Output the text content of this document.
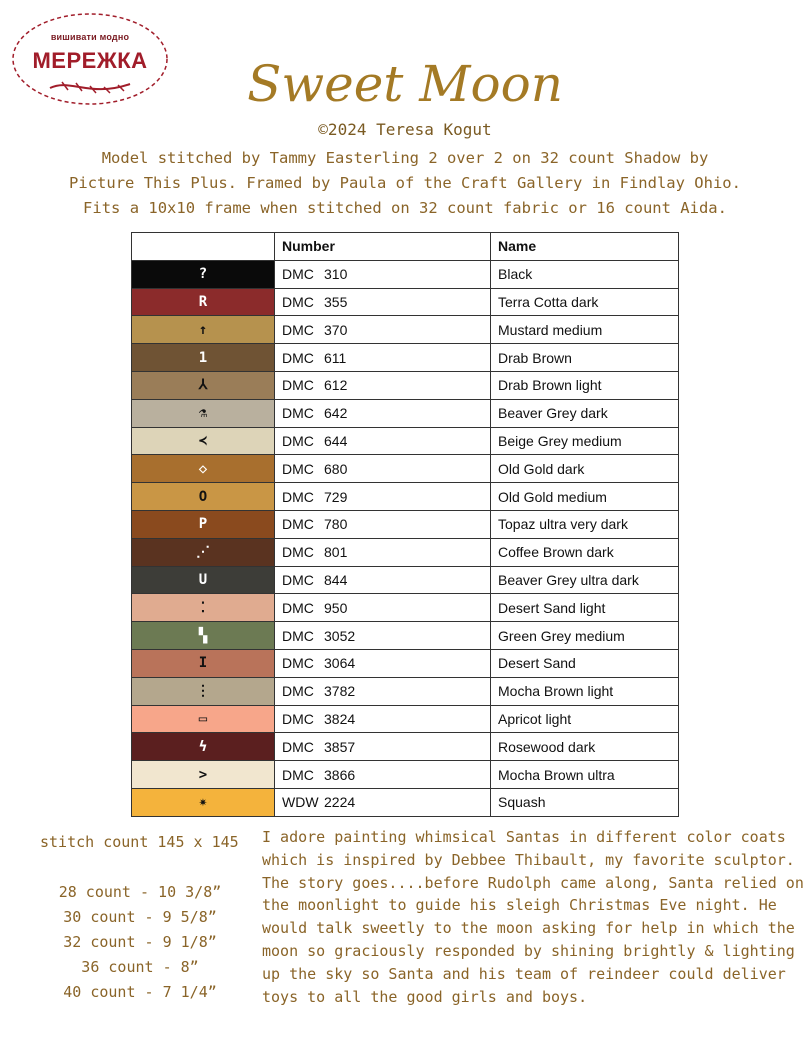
вишивати модно
МЕРЕЖКА	Sweet Moon
©2024 Teresa Kogut
Model stitched by Tammy Easterling 2 over 2 on 32 count Shadow by
Picture This Plus. Framed by Paula of the Craft Gallery in Findlay Ohio.
Fits a 10x10 frame when stitched on 32 count fabric or 16 count Aida.
	Number	Name
?	DMC 310	Black
R	DMC 355	Terra Cotta dark
↑	DMC 370	Mustard medium
1	DMC 611	Drab Brown
⅄	DMC 612	Drab Brown light
⚗	DMC 642	Beaver Grey dark
≺	DMC 644	Beige Grey medium
◇	DMC 680	Old Gold dark
O	DMC 729	Old Gold medium
P	DMC 780	Topaz ultra very dark
⋰	DMC 801	Coffee Brown dark
U	DMC 844	Beaver Grey ultra dark
⁚	DMC 950	Desert Sand light
▚	DMC 3052	Green Grey medium
I	DMC 3064	Desert Sand
⋮	DMC 3782	Mocha Brown light
▭	DMC 3824	Apricot light
ϟ	DMC 3857	Rosewood dark
>	DMC 3866	Mocha Brown ultra
✷	WDW 2224	Squash
stitch count 145 x 145
28 count - 10 3/8”
30 count - 9 5/8”
32 count - 9 1/8”
36 count - 8”
40 count - 7 1/4”
I adore painting whimsical Santas in different color coats
which is inspired by Debbee Thibault, my favorite sculptor.
The story goes....before Rudolph came along, Santa relied on
the moonlight to guide his sleigh Christmas Eve night. He
would talk sweetly to the moon asking for help in which the
moon so graciously responded by shining brightly & lighting
up the sky so Santa and his team of reindeer could deliver
toys to all the good girls and boys.
